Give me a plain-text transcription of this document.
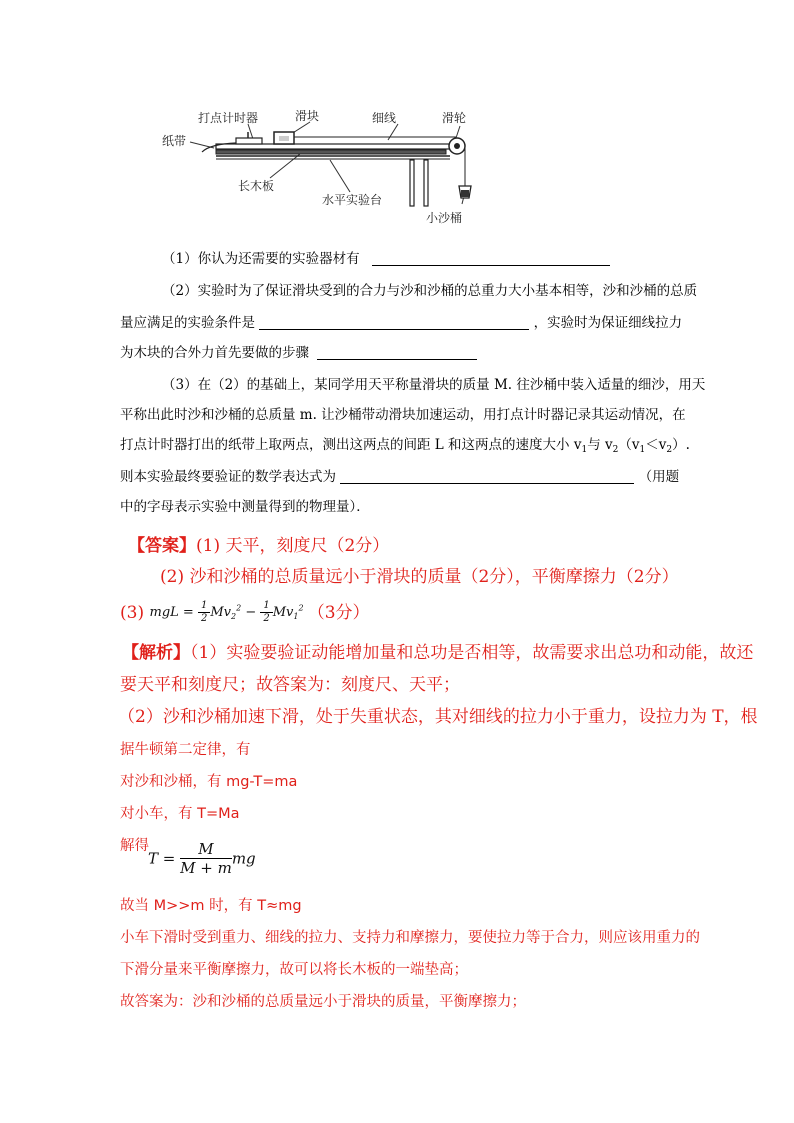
打点计时器	滑块	细线	滑轮
纸带
长木板
水平实验台
小沙桶
（1）你认为还需要的实验器材有
（2）实验时为了保证滑块受到的合力与沙和沙桶的总重力大小基本相等，沙和沙桶的总质
量应满足的实验条件是	，实验时为保证细线拉力
为木块的合外力首先要做的步骤
（3）在（2）的基础上，某同学用天平称量滑块的质量 M. 往沙桶中装入适量的细沙，用天
平称出此时沙和沙桶的总质量 m. 让沙桶带动滑块加速运动，用打点计时器记录其运动情况，在
打点计时器打出的纸带上取两点，测出这两点的间距 L 和这两点的速度大小 $v_1$与 $v_2(v_1<v_2)$.
则本实验最终要验证的数学表达式为	（用题
中的字母表示实验中测量得到的物理量）．
【答案】(1) 天平，刻度尺（2分）
(2) 沙和沙桶的总质量远小于滑块的质量（2分），平衡摩擦力（2分）
(3) mgL = $\frac{1}{2} Mv_2^2 - \frac{1}{2} Mv_1^2$ （3分）
【解析】（1）实验要验证动能增加量和总功是否相等，故需要求出总功和动能，故还
要天平和刻度尺；故答案为：刻度尺、天平；
（2）沙和沙桶加速下滑，处于失重状态，其对细线的拉力小于重力，设拉力为 T，根
据牛顿第二定律，有
对沙和沙桶，有 mg-T=ma
对小车，有 T=Ma
解得
$T = \frac{M}{M + m}$ mg
故当 M>>m 时，有 T≈mg
小车下滑时受到重力、细线的拉力、支持力和摩擦力，要使拉力等于合力，则应该用重力的
下滑分量来平衡摩擦力，故可以将长木板的一端垫高；
故答案为：沙和沙桶的总质量远小于滑块的质量，平衡摩擦力；
